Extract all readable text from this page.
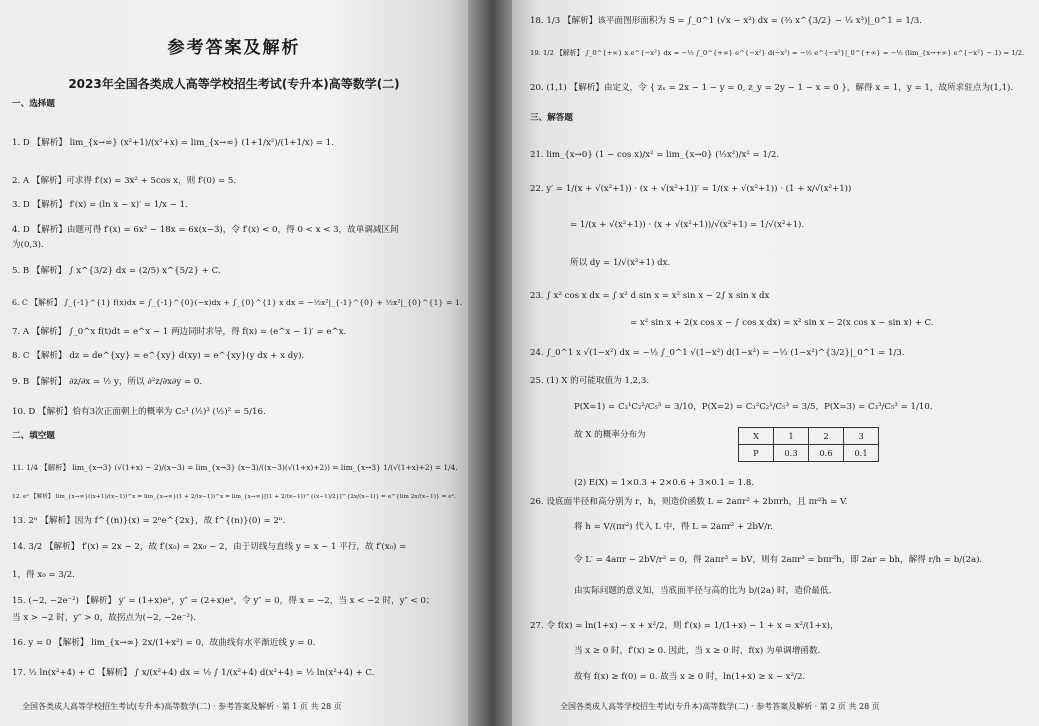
参考答案及解析
2023年全国各类成人高等学校招生考试(专升本)高等数学(二)
一、选择题
1. D 【解析】 lim_{x→∞} (x²+1)/(x²+x) = lim_{x→∞} (1+1/x²)/(1+1/x) = 1.
2. A 【解析】可求得 f′(x) = 3x² + 5cos x，则 f′(0) = 5.
3. D 【解析】 f′(x) = (ln x − x)′ = 1/x − 1.
4. D 【解析】由题可得 f′(x) = 6x² − 18x = 6x(x−3)，令 f′(x) < 0，得 0 < x < 3，故单调减区间
为(0,3).
5. B 【解析】 ∫ x^{3/2} dx = (2/5) x^{5/2} + C.
6. C 【解析】 ∫_{-1}^{1} f(x)dx = ∫_{-1}^{0}(−x)dx + ∫_{0}^{1} x dx = −½x²|_{-1}^{0} + ½x²|_{0}^{1} = 1.
7. A 【解析】 ∫_0^x f(t)dt = e^x − 1 两边同时求导，得 f(x) = (e^x − 1)′ = e^x.
8. C 【解析】 dz = de^{xy} = e^{xy} d(xy) = e^{xy}(y dx + x dy).
9. B 【解析】 ∂z/∂x = ½ y，所以 ∂²z/∂x∂y = 0.
10. D 【解析】恰有3次正面朝上的概率为 C₅³ (½)³ (½)² = 5/16.
二、填空题
11. 1/4 【解析】 lim_{x→3} (√(1+x) − 2)/(x−3) = lim_{x→3} (x−3)/((x−3)(√(1+x)+2)) = lim_{x→3} 1/(√(1+x)+2) = 1/4.
12. e² 【解析】 lim_{x→∞}((x+1)/(x−1))^x = lim_{x→∞}(1 + 2/(x−1))^x = lim_{x→∞}[(1 + 2/(x−1))^{(x−1)/2}]^{2x/(x−1)} = e^{lim 2x/(x−1)} = e².
13. 2ⁿ 【解析】因为 f^{(n)}(x) = 2ⁿe^{2x}，故 f^{(n)}(0) = 2ⁿ.
14. 3/2 【解析】 f′(x) = 2x − 2，故 f′(x₀) = 2x₀ − 2，由于切线与直线 y = x − 1 平行，故 f′(x₀) =
1，得 x₀ = 3/2.
15. (−2, −2e⁻²) 【解析】 y′ = (1+x)eˣ，y″ = (2+x)eˣ，令 y″ = 0，得 x = −2，当 x < −2 时，y″ < 0；
当 x > −2 时，y″ > 0，故拐点为(−2, −2e⁻²).
16. y = 0 【解析】 lim_{x→∞} 2x/(1+x²) = 0，故曲线有水平渐近线 y = 0.
17. ½ ln(x²+4) + C 【解析】 ∫ x/(x²+4) dx = ½ ∫ 1/(x²+4) d(x²+4) = ½ ln(x²+4) + C.
全国各类成人高等学校招生考试(专升本)高等数学(二) · 参考答案及解析 · 第 1 页 共 28 页
18. 1/3 【解析】该平面图形面积为 S = ∫_0^1 (√x − x²) dx = (⅔ x^{3/2} − ⅓ x³)|_0^1 = 1/3.
19. 1/2 【解析】 ∫_0^{+∞} x e^{−x²} dx = −½ ∫_0^{+∞} e^{−x²} d(−x²) = −½ e^{−x²}|_0^{+∞} = −½ (lim_{x→+∞} e^{−x²} − 1) = 1/2.
20. (1,1) 【解析】由定义，令 { zₓ = 2x − 1 − y = 0, z_y = 2y − 1 − x = 0 }，解得 x = 1，y = 1，故所求驻点为(1,1).
三、解答题
21. lim_{x→0} (1 − cos x)/x² = lim_{x→0} (½x²)/x² = 1/2.
22. y′ = 1/(x + √(x²+1)) · (x + √(x²+1))′ = 1/(x + √(x²+1)) · (1 + x/√(x²+1))
= 1/(x + √(x²+1)) · (x + √(x²+1))/√(x²+1) = 1/√(x²+1).
所以 dy = 1/√(x²+1) dx.
23. ∫ x² cos x dx = ∫ x² d sin x = x² sin x − 2∫ x sin x dx
= x² sin x + 2(x cos x − ∫ cos x dx) = x² sin x − 2(x cos x − sin x) + C.
24. ∫_0^1 x √(1−x²) dx = −½ ∫_0^1 √(1−x²) d(1−x²) = −⅓ (1−x²)^{3/2}|_0^1 = 1/3.
25. (1) X 的可能取值为 1,2,3.
P(X=1) = C₃¹C₂²/C₅³ = 3/10，P(X=2) = C₃²C₂¹/C₅³ = 3/5，P(X=3) = C₃³/C₅³ = 1/10.
故 X 的概率分布为	X	1	2	3
P	0.3	0.6	0.1
(2) E(X) = 1×0.3 + 2×0.6 + 3×0.1 = 1.8.
26. 设底面半径和高分别为 r，h，则造价函数 L = 2aπr² + 2bπrh，且 πr²h = V.
将 h = V/(πr²) 代入 L 中，得 L = 2aπr² + 2bV/r.
令 L′ = 4aπr − 2bV/r² = 0，得 2aπr³ = bV，则有 2aπr³ = bπr²h，即 2ar = bh，解得 r/h = b/(2a).
由实际问题的意义知，当底面半径与高的比为 b/(2a) 时，造价最低.
27. 令 f(x) = ln(1+x) − x + x²/2，则 f′(x) = 1/(1+x) − 1 + x = x²/(1+x)，
当 x ≥ 0 时，f′(x) ≥ 0. 因此，当 x ≥ 0 时，f(x) 为单调增函数.
故有 f(x) ≥ f(0) = 0. 故当 x ≥ 0 时，ln(1+x) ≥ x − x²/2.
全国各类成人高等学校招生考试(专升本)高等数学(二) · 参考答案及解析 · 第 2 页 共 28 页
